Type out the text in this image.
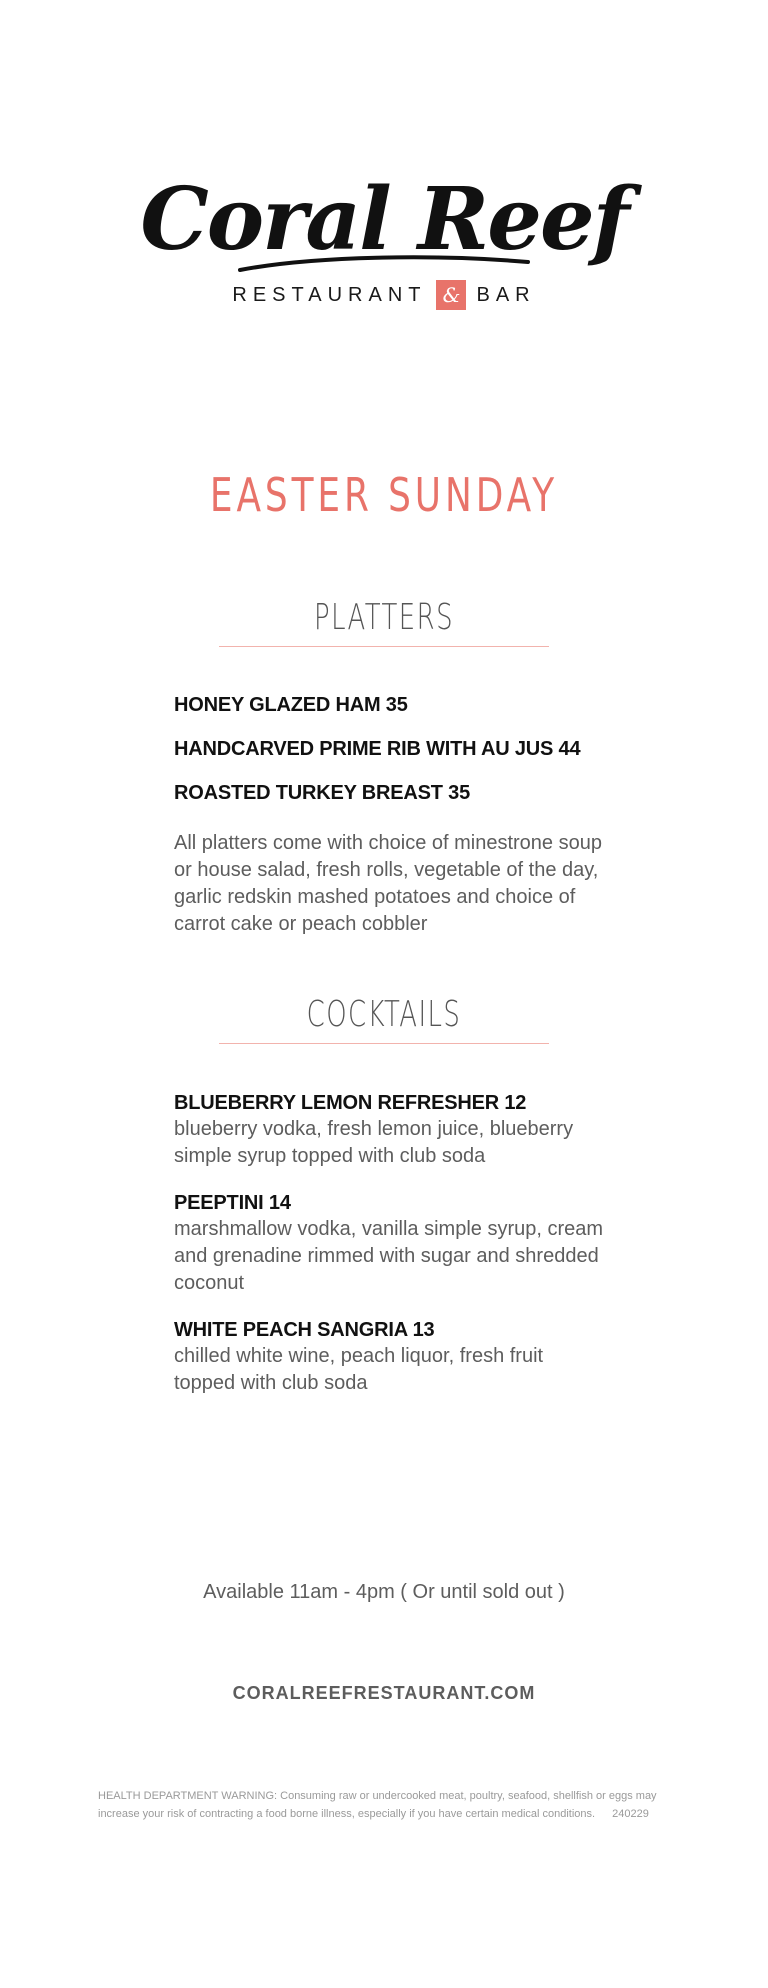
Coral Reef
RESTAURANT & BAR
EASTER SUNDAY
PLATTERS
HONEY GLAZED HAM 35
HANDCARVED PRIME RIB WITH AU JUS 44
ROASTED TURKEY BREAST 35
All platters come with choice of minestrone soup or house salad, fresh rolls, vegetable of the day, garlic redskin mashed potatoes and choice of carrot cake or peach cobbler
COCKTAILS
BLUEBERRY LEMON REFRESHER 12
blueberry vodka, fresh lemon juice, blueberry simple syrup topped with club soda
PEEPTINI 14
marshmallow vodka, vanilla simple syrup, cream and grenadine rimmed with sugar and shredded coconut
WHITE PEACH SANGRIA 13
chilled white wine, peach liquor, fresh fruit topped with club soda
Available 11am - 4pm ( Or until sold out )
CORALREEFRESTAURANT.COM
HEALTH DEPARTMENT WARNING: Consuming raw or undercooked meat, poultry, seafood, shellfish or eggs may increase your risk of contracting a food borne illness, especially if you have certain medical conditions. 240229
